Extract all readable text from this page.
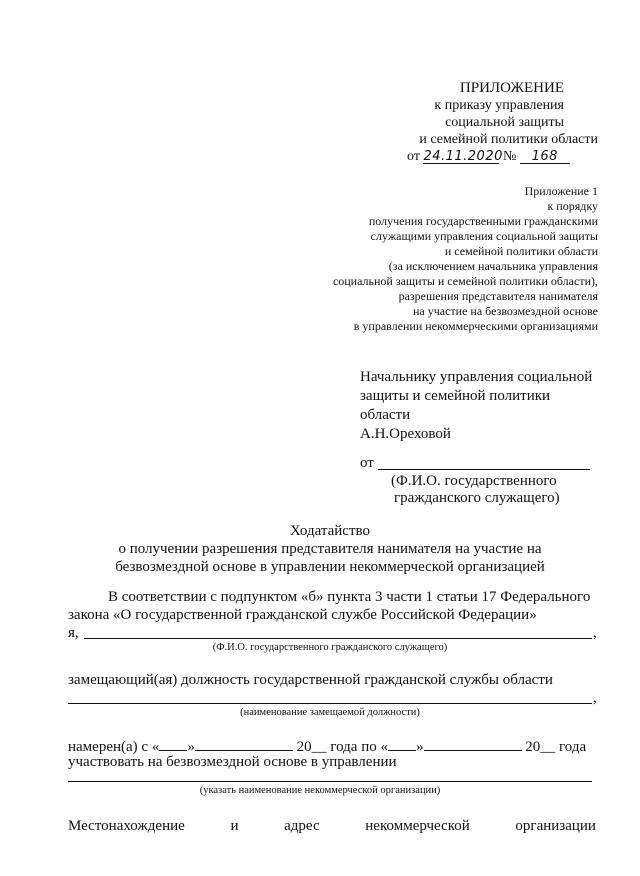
ПРИЛОЖЕНИЕ
к приказу управления
социальной защиты
и семейной политики области
от 24.11.2020 № 168
Приложение 1
к порядку
получения государственными гражданскими
служащими управления социальной защиты
и семейной политики области
(за исключением начальника управления
социальной защиты и семейной политики области),
разрешения представителя нанимателя
на участие на безвозмездной основе
в управлении некоммерческими организациями
Начальнику управления социальной
защиты и семейной политики
области
А.Н.Ореховой
от
(Ф.И.О. государственного
гражданского служащего)
Ходатайство
о получении разрешения представителя нанимателя на участие на
безвозмездной основе в управлении некоммерческой организацией
В соответствии с подпунктом «б» пункта 3 части 1 статьи 17 Федерального
закона «О государственной гражданской службе Российской Федерации»
я,	,
(Ф.И.О. государственного гражданского служащего)
замещающий(ая) должность государственной гражданской службы области
,
(наименование замещаемой должности)
намерен(а) с « »	20__ года по « »	20__ года
участвовать на безвозмездной основе в управлении
(указать наименование некоммерческой организации)
Местонахождение	и	адрес	некоммерческой	организации
